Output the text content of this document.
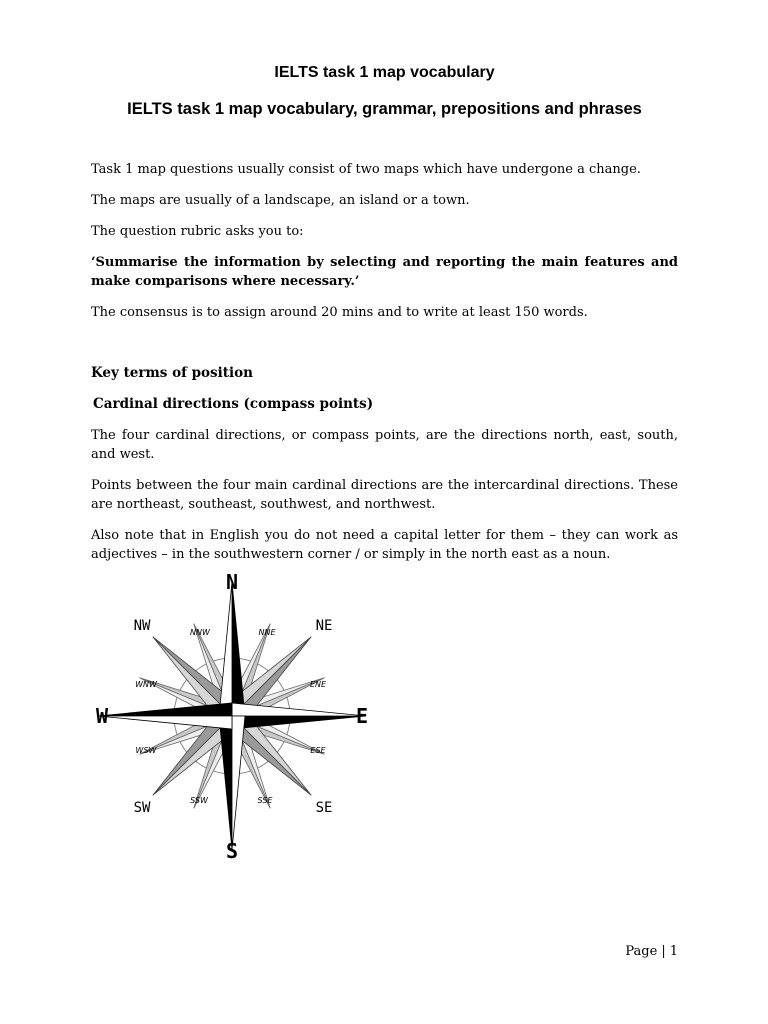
IELTS task 1 map vocabulary
IELTS task 1 map vocabulary, grammar, prepositions and phrases

Task 1 map questions usually consist of two maps which have undergone a change.

The maps are usually of a landscape, an island or a town.

The question rubric asks you to:

‘Summarise the information by selecting and reporting the main features and make comparisons where necessary.’

The consensus is to assign around 20 mins and to write at least 150 words.

Key terms of position
Cardinal directions (compass points)

The four cardinal directions, or compass points, are the directions north, east, south, and west.

Points between the four main cardinal directions are the intercardinal directions. These are northeast, southeast, southwest, and northwest.

Also note that in English you do not need a capital letter for them – they can work as adjectives – in the southwestern corner / or simply in the north east as a noun.

N
E
S
W
NE
SE
SW
NW	NNE
ENE
ESE
SSE
SSW
WSW
WNW
NNW
Page | 1
